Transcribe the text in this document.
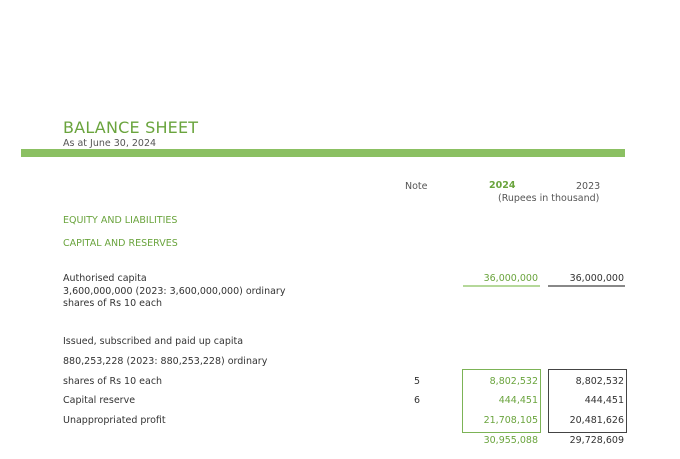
BALANCE SHEET
As at June 30, 2024
Note	2024	2023
(Rupees in thousand)
EQUITY AND LIABILITIES
CAPITAL AND RESERVES
Authorised capita
3,600,000,000 (2023: 3,600,000,000) ordinary
shares of Rs 10 each
36,000,000	36,000,000
Issued, subscribed and paid up capita
880,253,228 (2023: 880,253,228) ordinary
shares of Rs 10 each	5	8,802,532	8,802,532
Capital reserve	6	444,451	444,451
Unappropriated profit	21,708,105	20,481,626
30,955,088	29,728,609
